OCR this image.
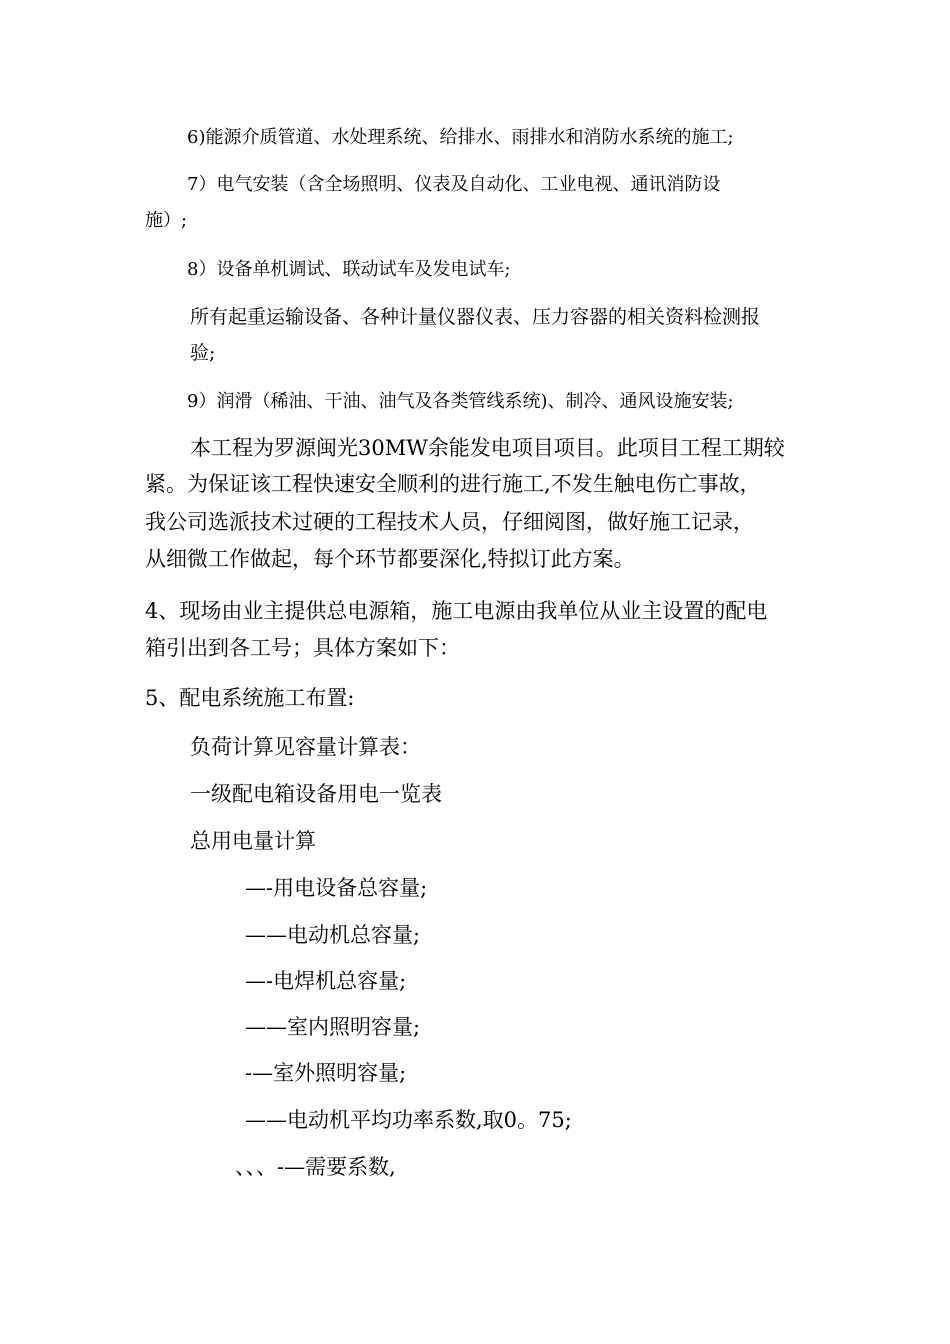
6)能源介质管道、水处理系统、给排水、雨排水和消防水系统的施工;
7）电气安装（含全场照明、仪表及自动化、工业电视、通讯消防设
施）;
8）设备单机调试、联动试车及发电试车;
所有起重运输设备、各种计量仪器仪表、压力容器的相关资料检测报
验;
9）润滑（稀油、干油、油气及各类管线系统)、制冷、通风设施安装;
本工程为罗源闽光30MW余能发电项目项目。此项目工程工期较
紧。为保证该工程快速安全顺利的进行施工,不发生触电伤亡事故，
我公司选派技术过硬的工程技术人员，仔细阅图，做好施工记录，
从细微工作做起，每个环节都要深化,特拟订此方案。
4、现场由业主提供总电源箱，施工电源由我单位从业主设置的配电
箱引出到各工号；具体方案如下：
5、配电系统施工布置:
负荷计算见容量计算表：
一级配电箱设备用电一览表
总用电量计算
—-用电设备总容量;
——电动机总容量;
—-电焊机总容量;
——室内照明容量;
-—室外照明容量;
——电动机平均功率系数,取0。75;
、、、-—需要系数,
